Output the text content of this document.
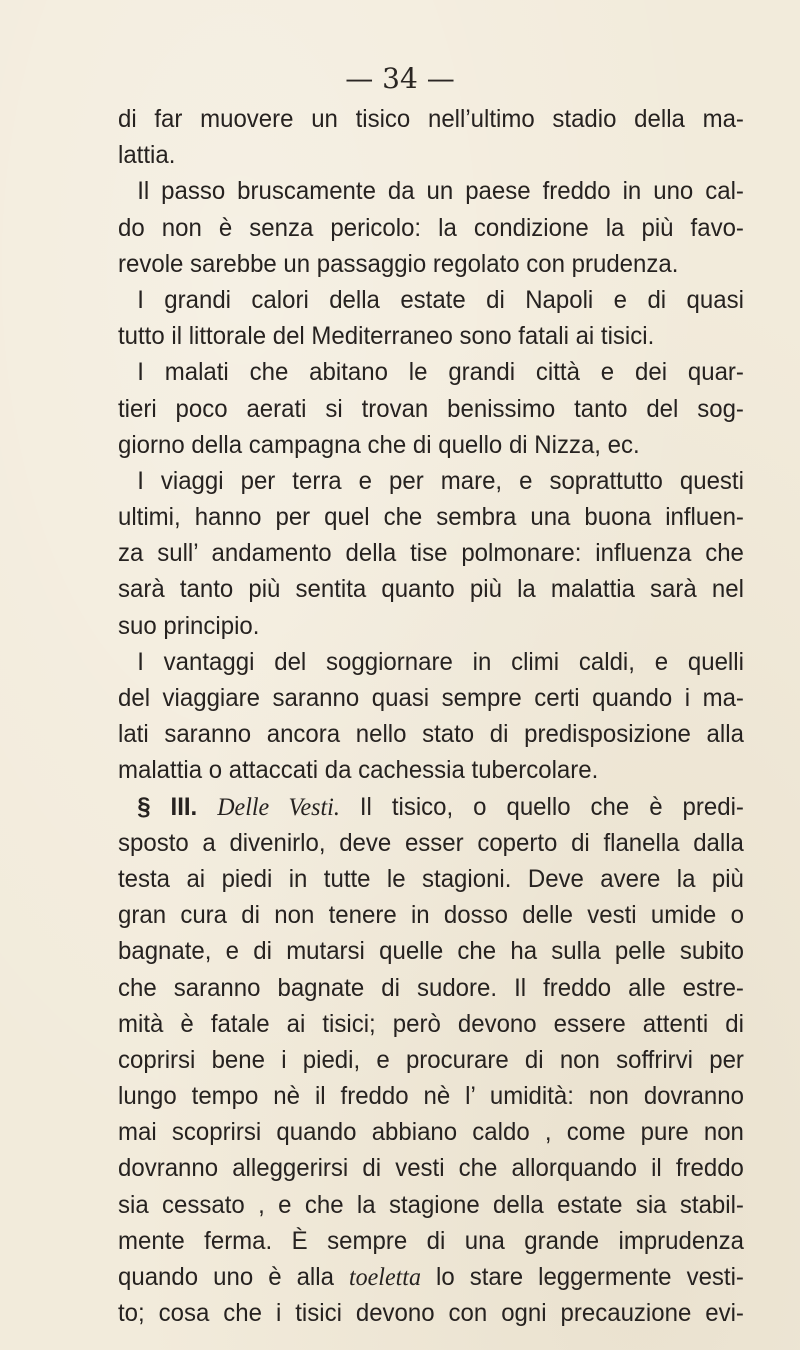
— 34 —
di far muovere un tisico nell’ultimo stadio della ma-
lattia.
Il passo bruscamente da un paese freddo in uno cal-
do non è senza pericolo: la condizione la più favo-
revole sarebbe un passaggio regolato con prudenza.
I grandi calori della estate di Napoli e di quasi
tutto il littorale del Mediterraneo sono fatali ai tisici.
I malati che abitano le grandi città e dei quar-
tieri poco aerati si trovan benissimo tanto del sog-
giorno della campagna che di quello di Nizza, ec.
I viaggi per terra e per mare, e soprattutto questi
ultimi, hanno per quel che sembra una buona influen-
za sull’ andamento della tise polmonare: influenza che
sarà tanto più sentita quanto più la malattia sarà nel
suo principio.
I vantaggi del soggiornare in climi caldi, e quelli
del viaggiare saranno quasi sempre certi quando i ma-
lati saranno ancora nello stato di predisposizione alla
malattia o attaccati da cachessia tubercolare.
§ III. Delle Vesti. Il tisico, o quello che è predi-
sposto a divenirlo, deve esser coperto di flanella dalla
testa ai piedi in tutte le stagioni. Deve avere la più
gran cura di non tenere in dosso delle vesti umide o
bagnate, e di mutarsi quelle che ha sulla pelle subito
che saranno bagnate di sudore. Il freddo alle estre-
mità è fatale ai tisici; però devono essere attenti di
coprirsi bene i piedi, e procurare di non soffrirvi per
lungo tempo nè il freddo nè l’ umidità: non dovranno
mai scoprirsi quando abbiano caldo , come pure non
dovranno alleggerirsi di vesti che allorquando il freddo
sia cessato , e che la stagione della estate sia stabil-
mente ferma. È sempre di una grande imprudenza
quando uno è alla toeletta lo stare leggermente vesti-
to; cosa che i tisici devono con ogni precauzione evi-
